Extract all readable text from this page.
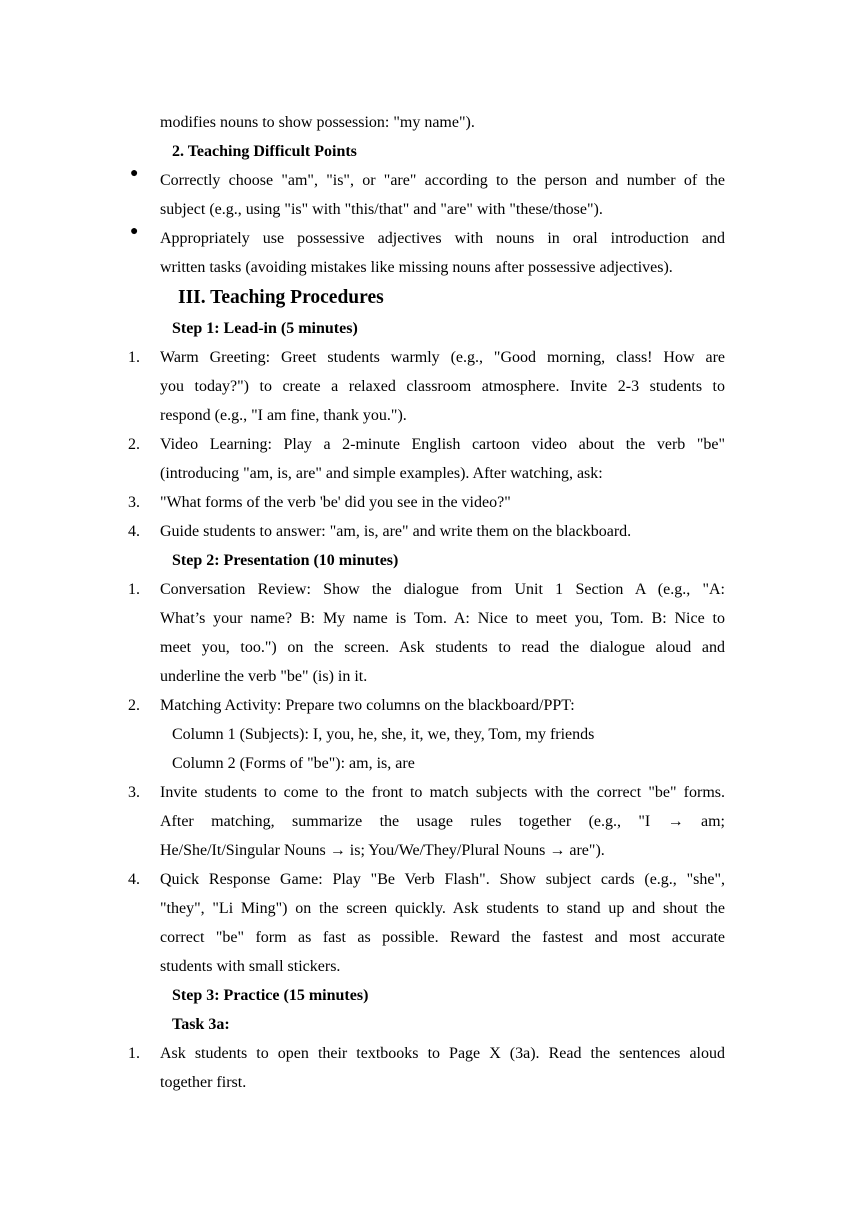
modifies nouns to show possession: "my name").
2. Teaching Difficult Points
● Correctly choose "am", "is", or "are" according to the person and number of the
subject (e.g., using "is" with "this/that" and "are" with "these/those").
● Appropriately use possessive adjectives with nouns in oral introduction and
written tasks (avoiding mistakes like missing nouns after possessive adjectives).
III. Teaching Procedures
Step 1: Lead-in (5 minutes)
1.	Warm Greeting: Greet students warmly (e.g., "Good morning, class! How are
you today?") to create a relaxed classroom atmosphere. Invite 2-3 students to
respond (e.g., "I am fine, thank you.").
2.	Video Learning: Play a 2-minute English cartoon video about the verb "be"
(introducing "am, is, are" and simple examples). After watching, ask:
3.	"What forms of the verb 'be' did you see in the video?"
4.	Guide students to answer: "am, is, are" and write them on the blackboard.
Step 2: Presentation (10 minutes)
1.	Conversation Review: Show the dialogue from Unit 1 Section A (e.g., "A:
What’s your name? B: My name is Tom. A: Nice to meet you, Tom. B: Nice to
meet you, too.") on the screen. Ask students to read the dialogue aloud and
underline the verb "be" (is) in it.
2.	Matching Activity: Prepare two columns on the blackboard/PPT:
Column 1 (Subjects): I, you, he, she, it, we, they, Tom, my friends
Column 2 (Forms of "be"): am, is, are
3.	Invite students to come to the front to match subjects with the correct "be" forms.
After matching, summarize the usage rules together (e.g., "I → am;
He/She/It/Singular Nouns → is; You/We/They/Plural Nouns → are").
4.	Quick Response Game: Play "Be Verb Flash". Show subject cards (e.g., "she",
"they", "Li Ming") on the screen quickly. Ask students to stand up and shout the
correct "be" form as fast as possible. Reward the fastest and most accurate
students with small stickers.
Step 3: Practice (15 minutes)
Task 3a:
1.	Ask students to open their textbooks to Page X (3a). Read the sentences aloud
together first.
